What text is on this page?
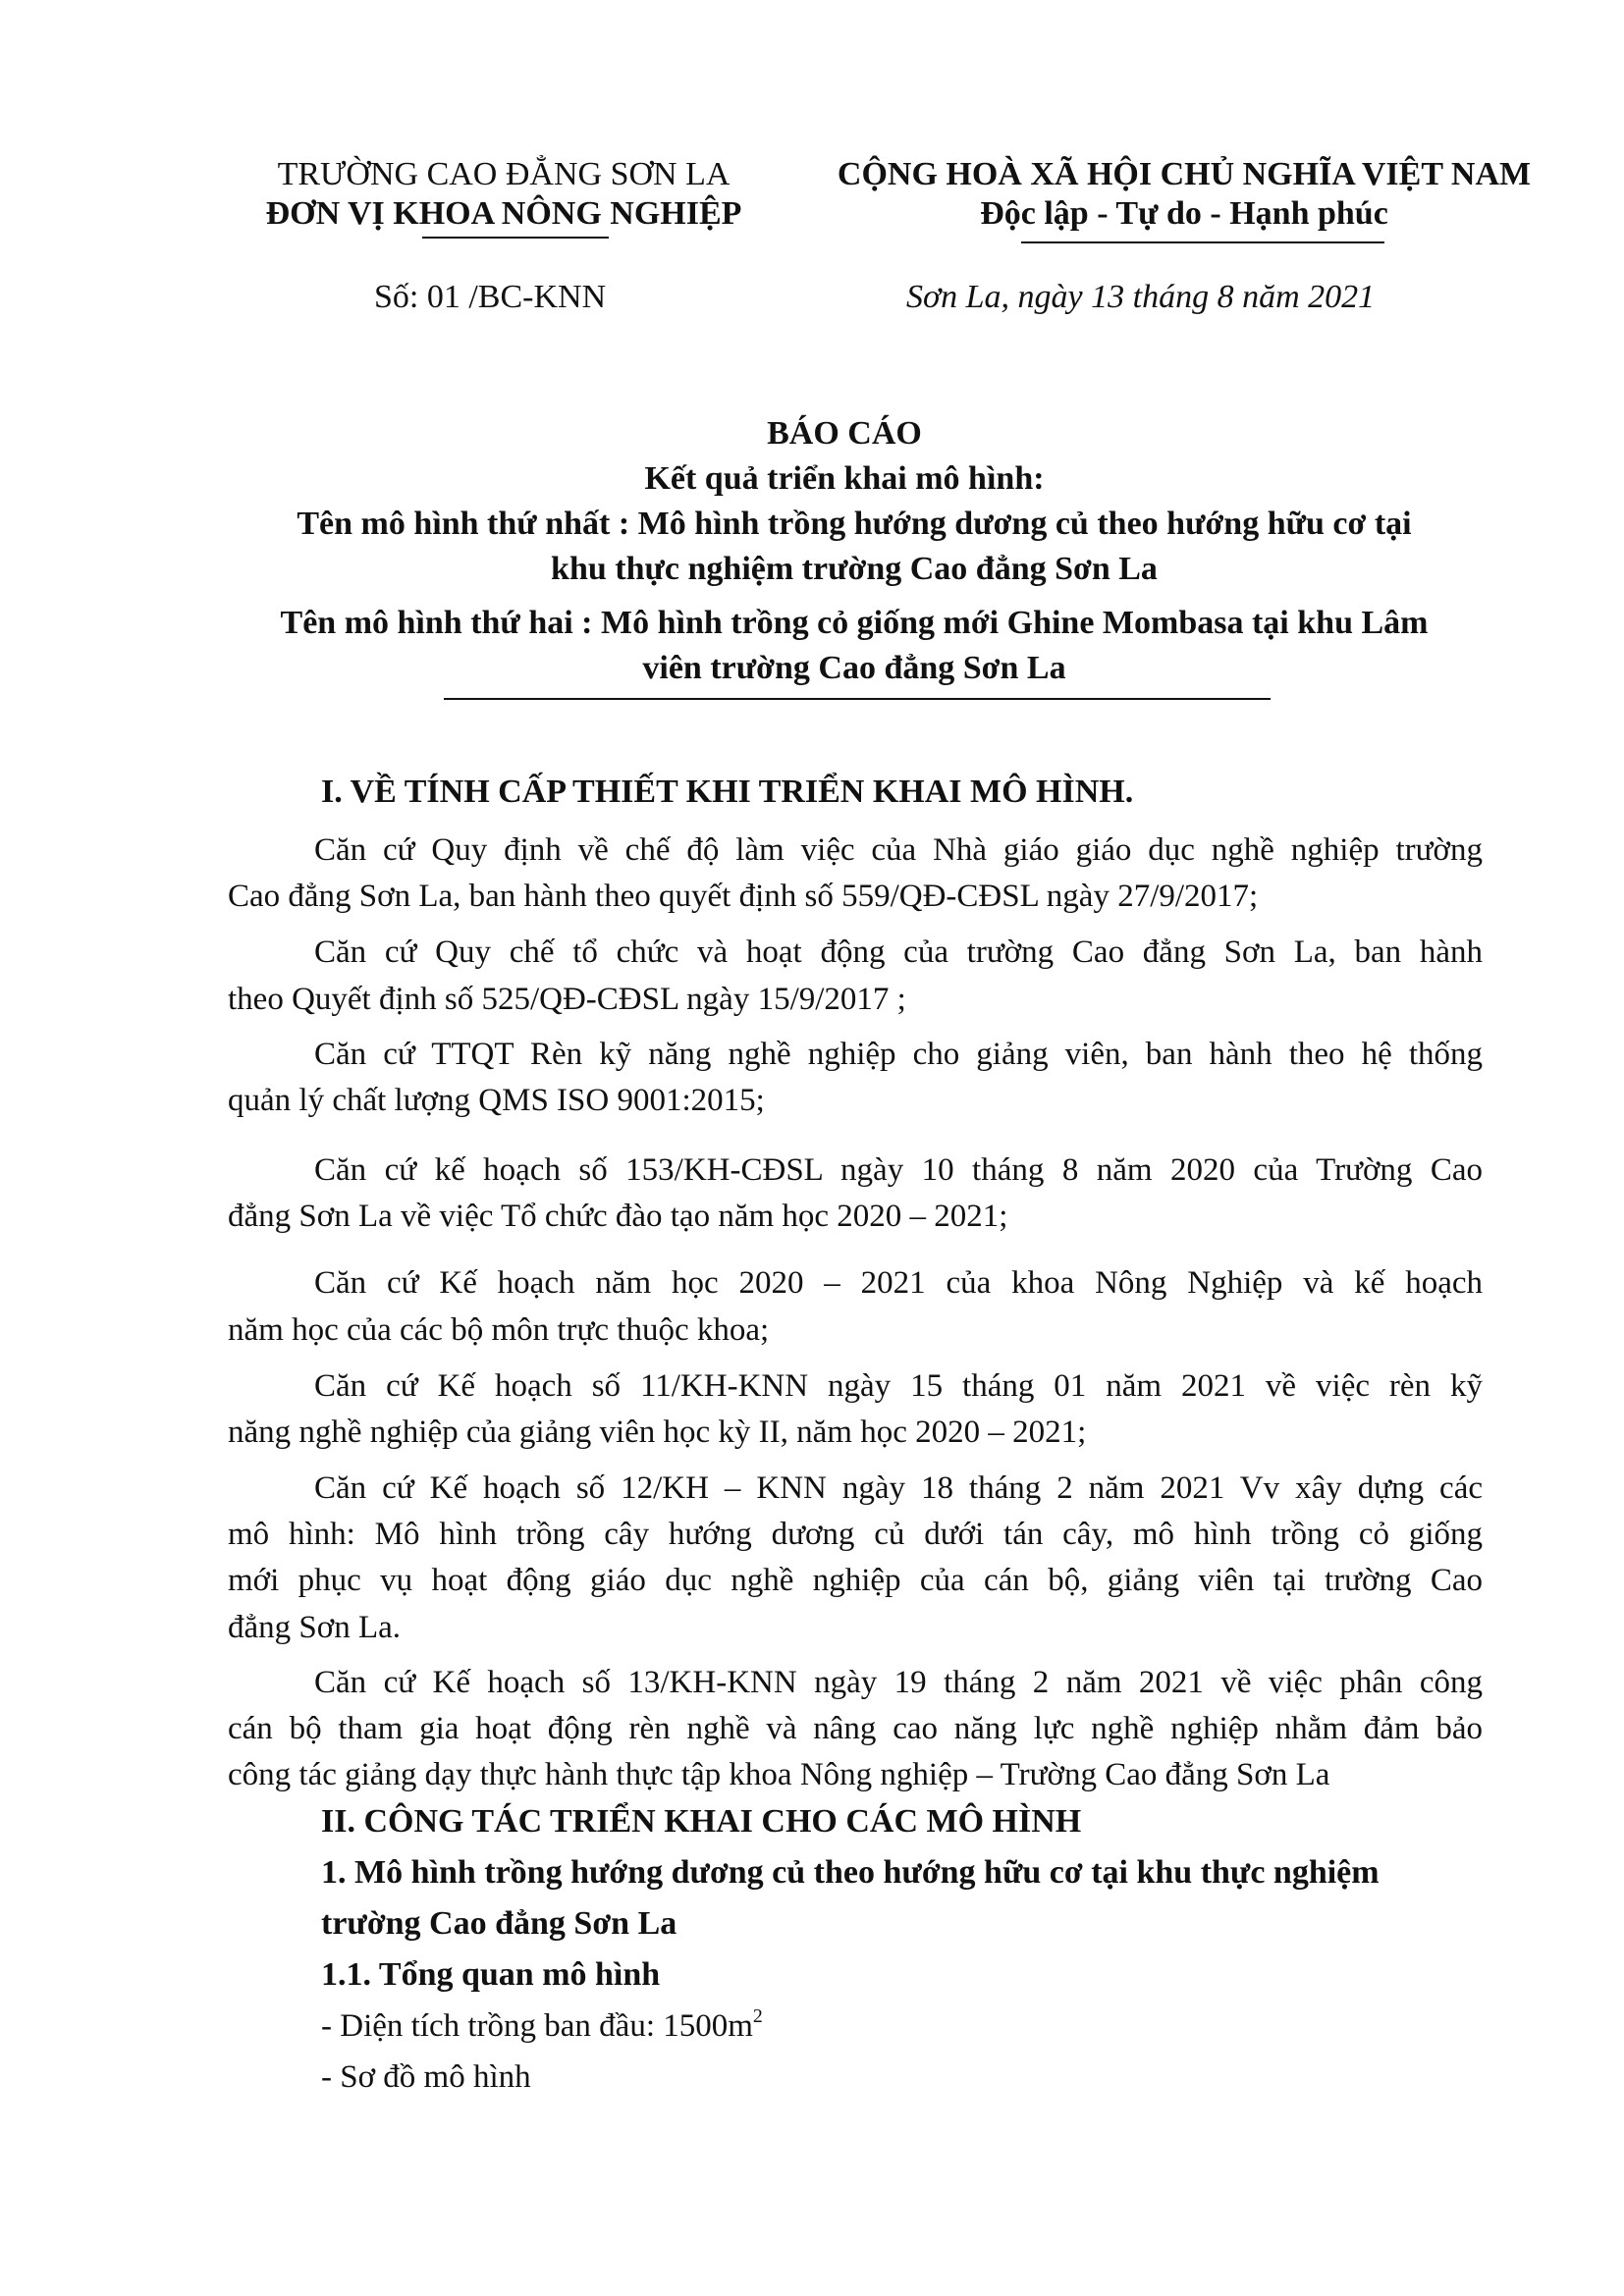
TRƯỜNG CAO ĐẲNG SƠN LA
ĐƠN VỊ KHOA NÔNG NGHIỆP
CỘNG HOÀ XÃ HỘI CHỦ NGHĨA VIỆT NAM
Độc lập - Tự do - Hạnh phúc
Số: 01 /BC-KNN	Sơn La, ngày 13 tháng 8 năm 2021
BÁO CÁO
Kết quả triển khai mô hình:
Tên mô hình thứ nhất : Mô hình trồng hướng dương củ theo hướng hữu cơ tại
khu thực nghiệm trường Cao đẳng Sơn La
Tên mô hình thứ hai : Mô hình trồng cỏ giống mới Ghine Mombasa tại khu Lâm
viên trường Cao đẳng Sơn La
I. VỀ TÍNH CẤP THIẾT KHI TRIỂN KHAI MÔ HÌNH.
Căn cứ Quy định về chế độ làm việc của Nhà giáo giáo dục nghề nghiệp trường
Cao đẳng Sơn La, ban hành theo quyết định số 559/QĐ-CĐSL ngày 27/9/2017;
Căn cứ Quy chế tổ chức và hoạt động của trường Cao đẳng Sơn La, ban hành
theo Quyết định số 525/QĐ-CĐSL ngày 15/9/2017 ;
Căn cứ TTQT Rèn kỹ năng nghề nghiệp cho giảng viên, ban hành theo hệ thống
quản lý chất lượng QMS ISO 9001:2015;
Căn cứ kế hoạch số 153/KH-CĐSL ngày 10 tháng 8 năm 2020 của Trường Cao
đẳng Sơn La về việc Tổ chức đào tạo năm học 2020 – 2021;
Căn cứ Kế hoạch năm học 2020 – 2021 của khoa Nông Nghiệp và kế hoạch
năm học của các bộ môn trực thuộc khoa;
Căn cứ Kế hoạch số 11/KH-KNN ngày 15 tháng 01 năm 2021 về việc rèn kỹ
năng nghề nghiệp của giảng viên học kỳ II, năm học 2020 – 2021;
Căn cứ Kế hoạch số 12/KH – KNN ngày 18 tháng 2 năm 2021 Vv xây dựng các
mô hình: Mô hình trồng cây hướng dương củ dưới tán cây, mô hình trồng cỏ giống
mới phục vụ hoạt động giáo dục nghề nghiệp của cán bộ, giảng viên tại trường Cao
đẳng Sơn La.
Căn cứ Kế hoạch số 13/KH-KNN ngày 19 tháng 2 năm 2021 về việc phân công
cán bộ tham gia hoạt động rèn nghề và nâng cao năng lực nghề nghiệp nhằm đảm bảo
công tác giảng dạy thực hành thực tập khoa Nông nghiệp – Trường Cao đẳng Sơn La
II. CÔNG TÁC TRIỂN KHAI CHO CÁC MÔ HÌNH
1. Mô hình trồng hướng dương củ theo hướng hữu cơ tại khu thực nghiệm
trường Cao đẳng Sơn La
1.1. Tổng quan mô hình
- Diện tích trồng ban đầu: $1500m^2$
- Sơ đồ mô hình
